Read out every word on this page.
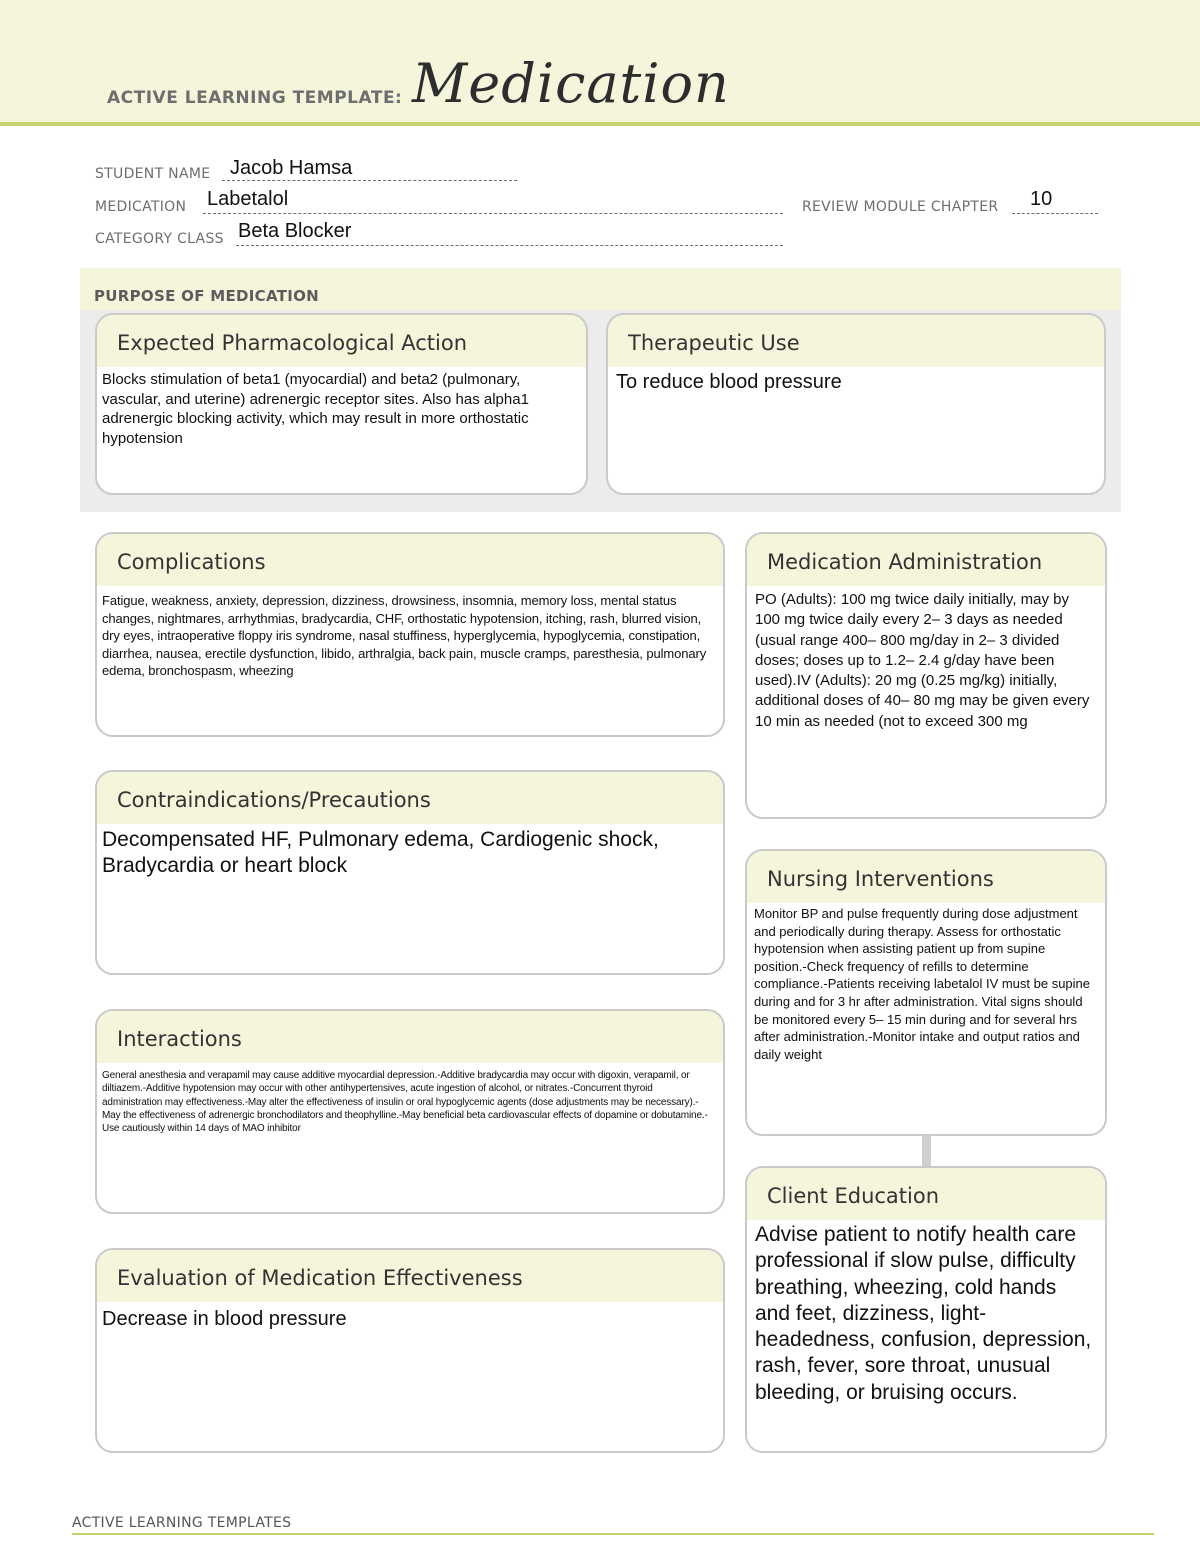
ACTIVE LEARNING TEMPLATE: Medication
STUDENT NAME Jacob Hamsa
MEDICATION Labetalol	REVIEW MODULE CHAPTER 10
CATEGORY CLASS Beta Blocker
PURPOSE OF MEDICATION
Expected Pharmacological Action
Blocks stimulation of beta1 (myocardial) and beta2 (pulmonary, vascular, and uterine) adrenergic receptor sites. Also has alpha1 adrenergic blocking activity, which may result in more orthostatic hypotension
Therapeutic Use
To reduce blood pressure
Complications
Fatigue, weakness, anxiety, depression, dizziness, drowsiness, insomnia, memory loss, mental status changes, nightmares, arrhythmias, bradycardia, CHF, orthostatic hypotension, itching, rash, blurred vision, dry eyes, intraoperative floppy iris syndrome, nasal stuffiness, hyperglycemia, hypoglycemia, constipation, diarrhea, nausea, erectile dysfunction, libido, arthralgia, back pain, muscle cramps, paresthesia, pulmonary edema, bronchospasm, wheezing
Contraindications/Precautions
Decompensated HF, Pulmonary edema, Cardiogenic shock, Bradycardia or heart block
Interactions
General anesthesia and verapamil may cause additive myocardial depression.-Additive bradycardia may occur with digoxin, verapamil, or diltiazem.-Additive hypotension may occur with other antihypertensives, acute ingestion of alcohol, or nitrates.-Concurrent thyroid administration may effectiveness.-May alter the effectiveness of insulin or oral hypoglycemic agents (dose adjustments may be necessary).-May the effectiveness of adrenergic bronchodilators and theophylline.-May beneficial beta cardiovascular effects of dopamine or dobutamine.-Use cautiously within 14 days of MAO inhibitor
Evaluation of Medication Effectiveness
Decrease in blood pressure
Medication Administration
PO (Adults): 100 mg twice daily initially, may by 100 mg twice daily every 2– 3 days as needed (usual range 400– 800 mg/day in 2– 3 divided doses; doses up to 1.2– 2.4 g/day have been used).IV (Adults): 20 mg (0.25 mg/kg) initially, additional doses of 40– 80 mg may be given every 10 min as needed (not to exceed 300 mg
Nursing Interventions
Monitor BP and pulse frequently during dose adjustment and periodically during therapy. Assess for orthostatic hypotension when assisting patient up from supine position.-Check frequency of refills to determine compliance.-Patients receiving labetalol IV must be supine during and for 3 hr after administration. Vital signs should be monitored every 5– 15 min during and for several hrs after administration.-Monitor intake and output ratios and daily weight
Client Education
Advise patient to notify health care professional if slow pulse, difficulty breathing, wheezing, cold hands and feet, dizziness, light-headedness, confusion, depression, rash, fever, sore throat, unusual bleeding, or bruising occurs.
ACTIVE LEARNING TEMPLATES
